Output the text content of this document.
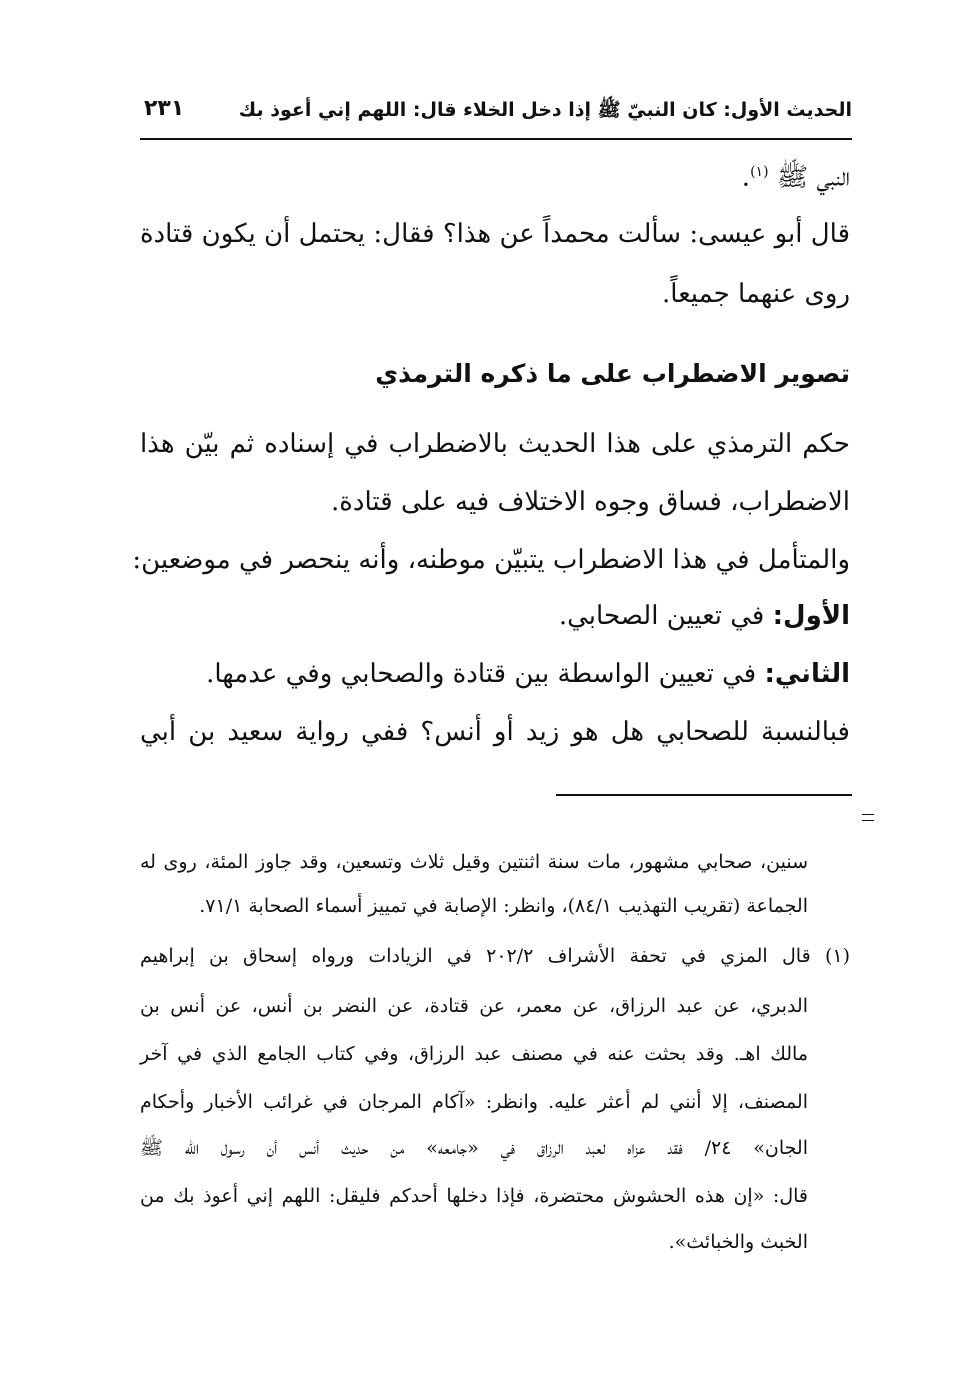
الحديث الأول: كان النبيّ ﷺ إذا دخل الخلاء قال: اللهم إني أعوذ بك
٢٣١
النبي ﷺ $^{(١)}$.
قال أبو عيسى: سألت محمداً عن هذا؟ فقال: يحتمل أن يكون قتادة
روى عنهما جميعاً.
تصوير الاضطراب على ما ذكره الترمذي
حكم الترمذي على هذا الحديث بالاضطراب في إسناده ثم بيّن هذا
الاضطراب، فساق وجوه الاختلاف فيه على قتادة.
والمتأمل في هذا الاضطراب يتبيّن موطنه، وأنه ينحصر في موضعين:
الأول: في تعيين الصحابي.
الثاني: في تعيين الواسطة بين قتادة والصحابي وفي عدمها.
فبالنسبة للصحابي هل هو زيد أو أنس؟ ففي رواية سعيد بن أبي
سنين، صحابي مشهور، مات سنة اثنتين وقيل ثلاث وتسعين، وقد جاوز المئة، روى له
الجماعة (تقريب التهذيب ٨٤/١)، وانظر: الإصابة في تمييز أسماء الصحابة ٧١/١.
(١) قال المزي في تحفة الأشراف ٢٠٢/٢ في الزيادات ورواه إسحاق بن إبراهيم
الدبري، عن عبد الرزاق، عن معمر، عن قتادة، عن النضر بن أنس، عن أنس بن
مالك اهـ. وقد بحثت عنه في مصنف عبد الرزاق، وفي كتاب الجامع الذي في آخر
المصنف، إلا أنني لم أعثر عليه. وانظر: «آكام المرجان في غرائب الأخبار وأحكام
الجان» ٢٤/ فقد عزاه لعبد الرزاق في «جامعه» من حديث أنس أن رسول الله ﷺ
قال: «إن هذه الحشوش محتضرة، فإذا دخلها أحدكم فليقل: اللهم إني أعوذ بك من
الخبث والخبائث».
